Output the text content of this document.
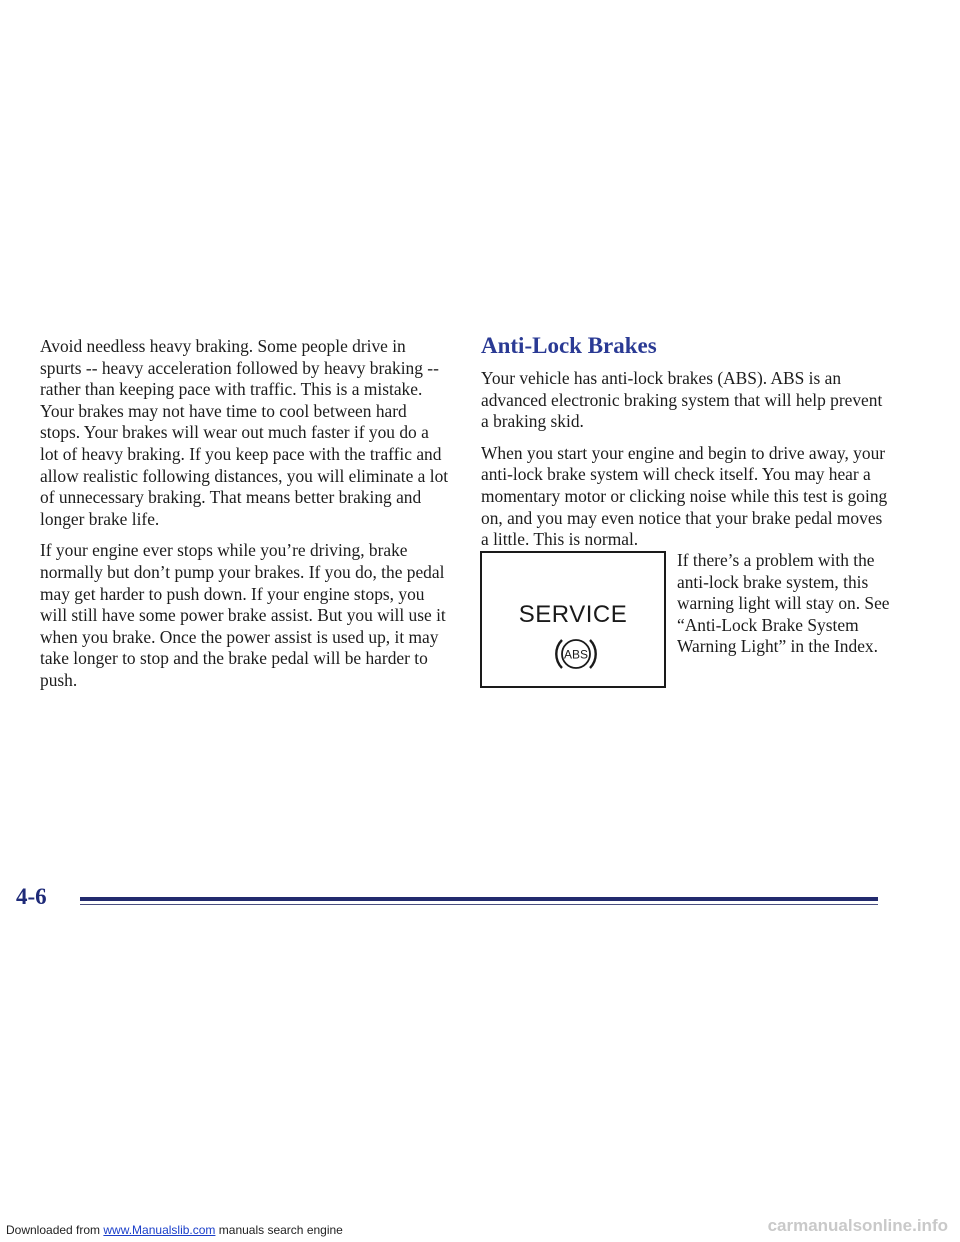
Avoid needless heavy braking. Some people drive in spurts -- heavy acceleration followed by heavy braking -- rather than keeping pace with traffic. This is a mistake. Your brakes may not have time to cool between hard stops. Your brakes will wear out much faster if you do a lot of heavy braking. If you keep pace with the traffic and allow realistic following distances, you will eliminate a lot of unnecessary braking. That means better braking and longer brake life.

If your engine ever stops while you’re driving, brake normally but don’t pump your brakes. If you do, the pedal may get harder to push down. If your engine stops, you will still have some power brake assist. But you will use it when you brake. Once the power assist is used up, it may take longer to stop and the brake pedal will be harder to push.

Anti-Lock Brakes

Your vehicle has anti-lock brakes (ABS). ABS is an advanced electronic braking system that will help prevent a braking skid.

When you start your engine and begin to drive away, your anti-lock brake system will check itself. You may hear a momentary motor or clicking noise while this test is going on, and you may even notice that your brake pedal moves a little. This is normal.

SERVICE
ABS
If there’s a problem with the anti-lock brake system, this warning light will stay on. See “Anti-Lock Brake System Warning Light” in the Index.
4-6
Downloaded from www.Manualslib.com manuals search engine	carmanualsonline.info
